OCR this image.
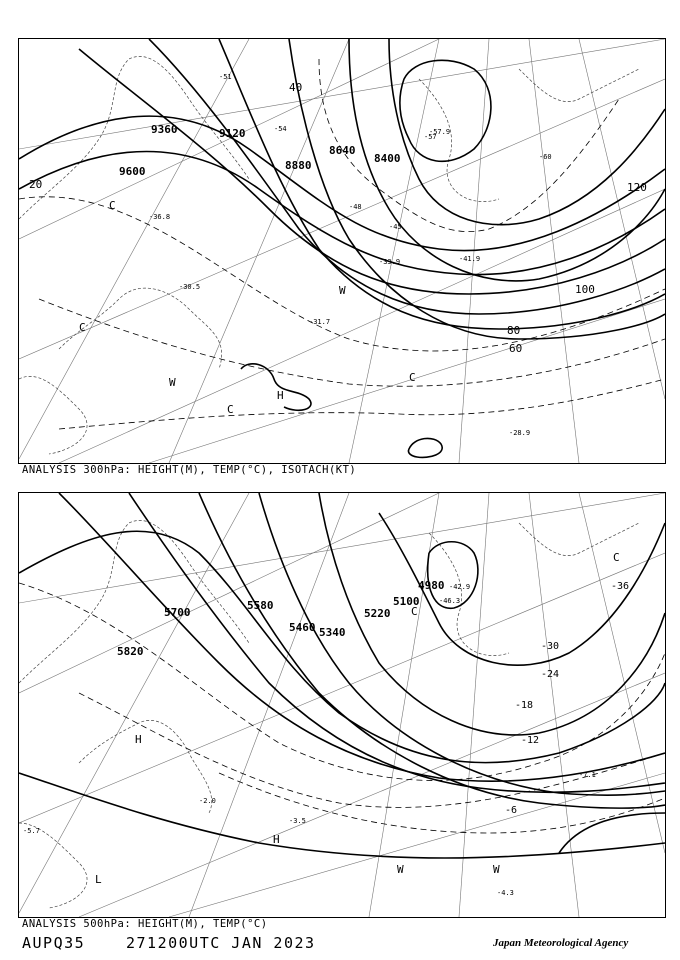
9360	9120
9600	8880
8640
8400
20
40
60
80
100
120
-51
-54
-57
-60
-48
-45
-30.5
-31.7
-36.8
-41.9
-57.9
-33.9
-28.9
C
C
C
C
W
W
H
ANALYSIS 300hPa: HEIGHT(M), TEMP(°C), ISOTACH(KT)
5700
5820
5580
5460 5340
5220
5100
4980	-36
-30
-24
-18
-12
-6
-46.3
-42.9
-7.1
-3.5
-4.3
-5.7
-2.0
C
C
H
H
L
W	W
ANALYSIS 500hPa: HEIGHT(M), TEMP(°C)
AUPQ35	271200UTC JAN 2023	Japan Meteorological Agency
